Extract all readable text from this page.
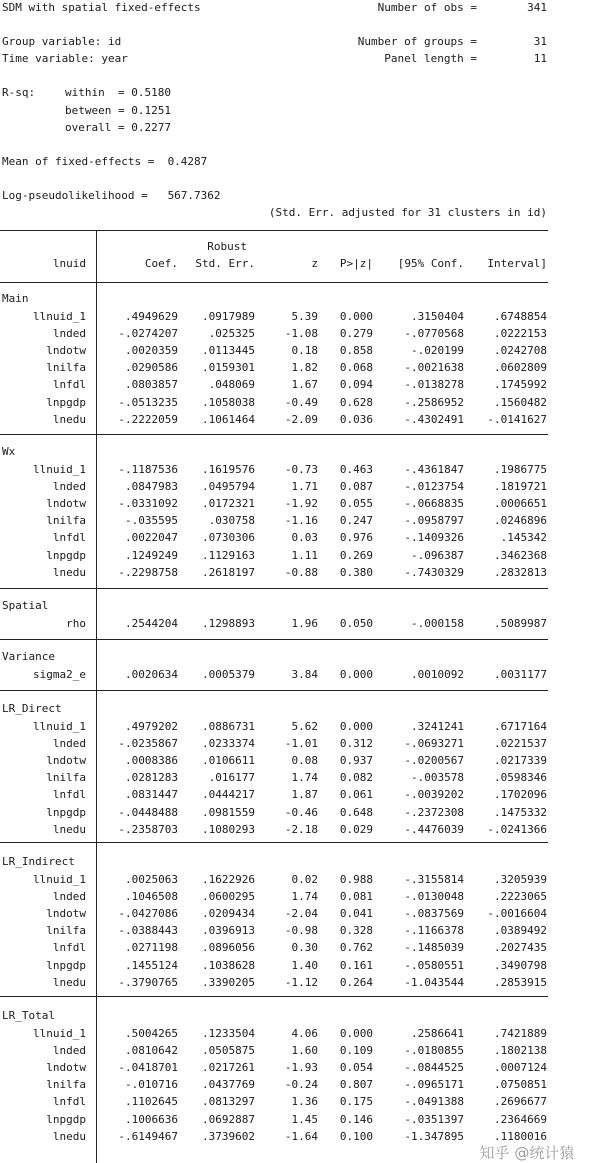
SDM with spatial fixed-effects	Number of obs =	341
Group variable: id	Number of groups =	31
Time variable: year	Panel length =	11
R-sq:	within  = 0.5180
between = 0.1251
overall = 0.2277
Mean of fixed-effects =  0.4287
Log-pseudolikelihood =   567.7362
(Std. Err. adjusted for 31 clusters in id)
Robust
lnuid	Coef. Std. Err.	z P>|z| [95% Conf. Interval]
Main
llnuid_1	.4949629 .0917989	5.39 0.000	.3150404	.6748854
lnded	-.0274207	.025325	-1.08 0.279	-.0770568	.0222153
lndotw	.0020359 .0113445	0.18 0.858	-.020199	.0242708
lnilfa	.0290586 .0159301	1.82 0.068	-.0021638	.0602809
lnfdl	.0803857	.048069	1.67 0.094	-.0138278	.1745992
lnpgdp	-.0513235 .1058038	-0.49 0.628	-.2586952	.1560482
lnedu	-.2222059 .1061464	-2.09 0.036	-.4302491 -.0141627
Wx
llnuid_1	-.1187536 .1619576	-0.73 0.463	-.4361847	.1986775
lnded	.0847983 .0495794	1.71 0.087	-.0123754	.1819721
lndotw	-.0331092 .0172321	-1.92 0.055	-.0668835	.0006651
lnilfa	-.035595	.030758	-1.16 0.247	-.0958797	.0246896
lnfdl	.0022047 .0730306	0.03 0.976	-.1409326	.145342
lnpgdp	.1249249 .1129163	1.11 0.269	-.096387	.3462368
lnedu	-.2298758 .2618197	-0.88 0.380	-.7430329	.2832813
Spatial
rho	.2544204 .1298893	1.96 0.050	-.000158	.5089987
Variance
sigma2_e	.0020634 .0005379	3.84 0.000	.0010092	.0031177
LR_Direct
llnuid_1	.4979202 .0886731	5.62 0.000	.3241241	.6717164
lnded	-.0235867 .0233374	-1.01 0.312	-.0693271	.0221537
lndotw	.0008386 .0106611	0.08 0.937	-.0200567	.0217339
lnilfa	.0281283	.016177	1.74 0.082	-.003578	.0598346
lnfdl	.0831447 .0444217	1.87 0.061	-.0039202	.1702096
lnpgdp	-.0448488 .0981559	-0.46 0.648	-.2372308	.1475332
lnedu	-.2358703 .1080293	-2.18 0.029	-.4476039 -.0241366
LR_Indirect
llnuid_1	.0025063 .1622926	0.02 0.988	-.3155814	.3205939
lnded	.1046508 .0600295	1.74 0.081	-.0130048	.2223065
lndotw	-.0427086 .0209434	-2.04 0.041	-.0837569 -.0016604
lnilfa	-.0388443 .0396913	-0.98 0.328	-.1166378	.0389492
lnfdl	.0271198 .0896056	0.30 0.762	-.1485039	.2027435
lnpgdp	.1455124 .1038628	1.40 0.161	-.0580551	.3490798
lnedu	-.3790765 .3390205	-1.12 0.264	-1.043544	.2853915
LR_Total
llnuid_1	.5004265 .1233504	4.06 0.000	.2586641	.7421889
lnded	.0810642 .0505875	1.60 0.109	-.0180855	.1802138
lndotw	-.0418701 .0217261	-1.93 0.054	-.0844525	.0007124
lnilfa	-.010716 .0437769	-0.24 0.807	-.0965171	.0750851
lnfdl	.1102645 .0813297	1.36 0.175	-.0491388	.2696677
lnpgdp	.1006636 .0692887	1.45 0.146	-.0351397	.2364669
lnedu	-.6149467 .3739602	-1.64 0.100	-1.347895	.1180016

知乎 @统计猿
